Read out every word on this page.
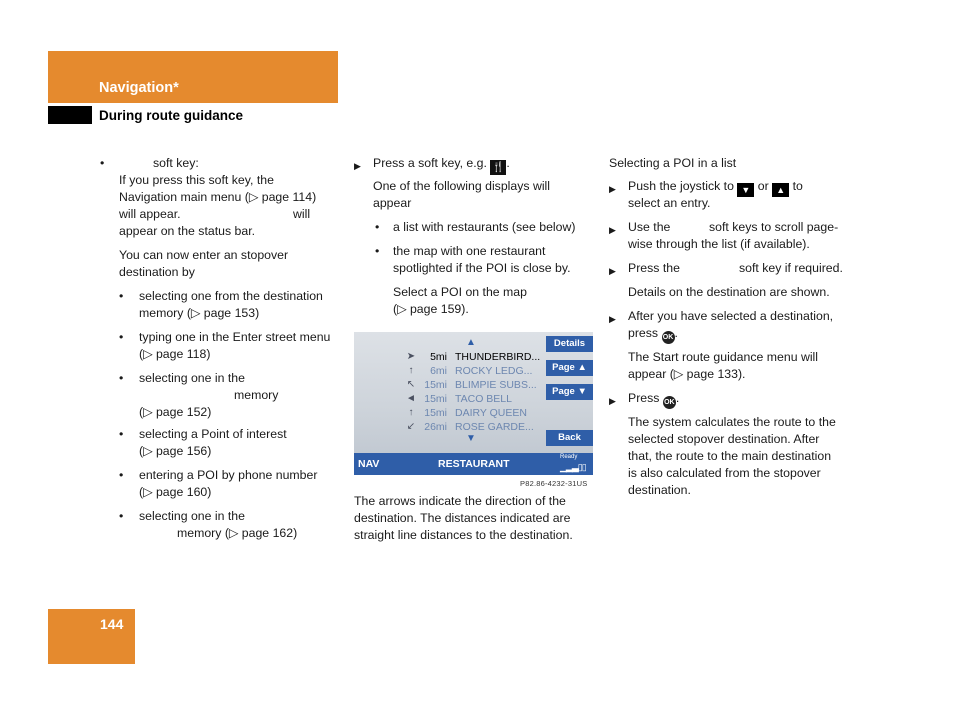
Navigation*
During route guidance
•	soft key:
If you press this soft key, the
Navigation main menu (▷ page 114)
will appear.	will
appear on the status bar.
You can now enter an stopover
destination by
• selecting one from the destination
memory (▷ page 153)
• typing one in the Enter street menu
(▷ page 118)
• selecting one in the
memory
(▷ page 152)
• selecting a Point of interest
(▷ page 156)
• entering a POI by phone number
(▷ page 160)
• selecting one in the
memory (▷ page 162)
▶ Press a soft key, e.g. 🍴 .
One of the following displays will
appear
• a list with restaurants (see below)
• the map with one restaurant
spotlighted if the POI is close by.
Select a POI on the map
(▷ page 159).
▲
➤	5mi THUNDERBIRD...
↑	6mi ROCKY LEDG...
↖ 15mi BLIMPIE SUBS...
◄ 15mi TACO BELL
↑	15mi DAIRY QUEEN
↙ 26mi ROSE GARDE...
▼
Details
Page ▲
Page ▼
Back
NAV	RESTAURANT
Ready
▁▂▃▯▯
P82.86-4232-31US
The arrows indicate the direction of the
destination. The distances indicated are
straight line distances to the destination.
Selecting a POI in a list
▶ Push the joystick to ▼ or ▲ to
select an entry.
▶ Use the	soft keys to scroll page-
wise through the list (if available).
▶ Press the	soft key if required.
Details on the destination are shown.
▶ After you have selected a destination,
press OK.
The Start route guidance menu will
appear (▷ page 133).
▶ Press OK.
The system calculates the route to the
selected stopover destination. After
that, the route to the main destination
is also calculated from the stopover
destination.
144
